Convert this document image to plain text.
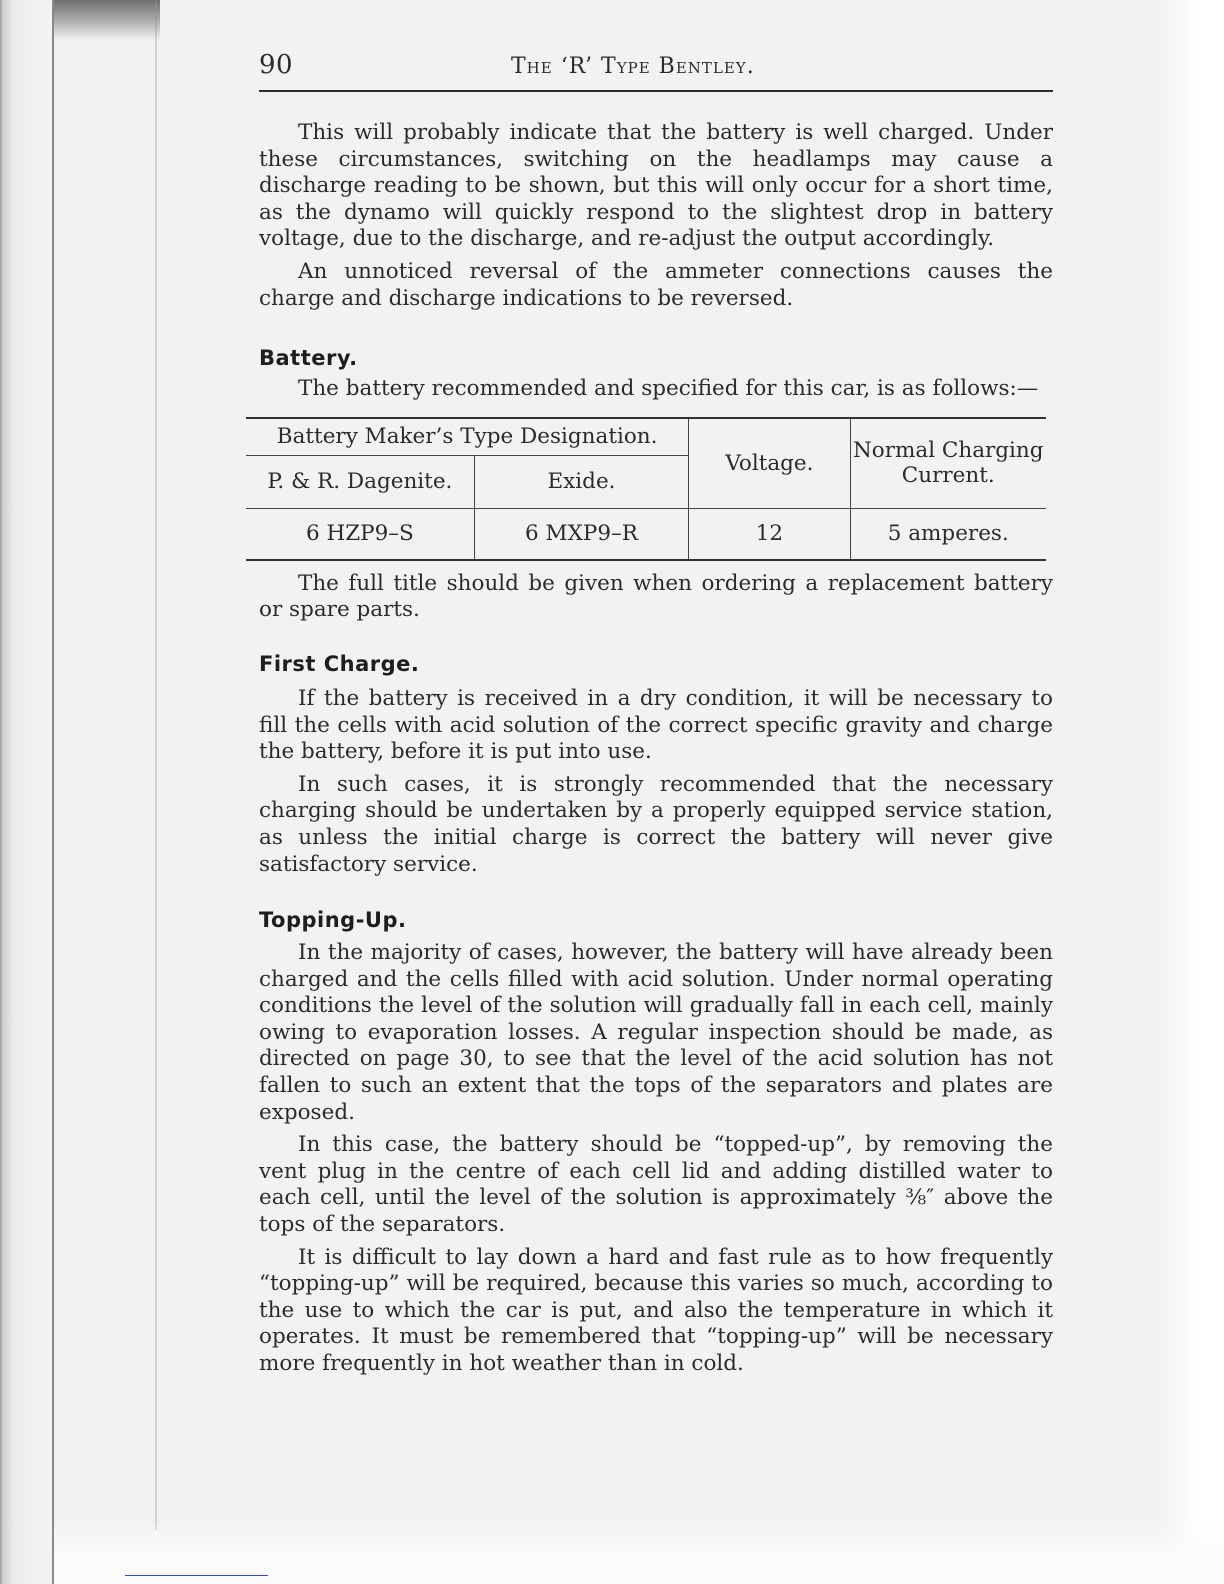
90	The ‘R’ Type Bentley.

This will probably indicate that the battery is well charged. Under these circumstances, switching on the headlamps may cause a discharge reading to be shown, but this will only occur for a short time, as the dynamo will quickly respond to the slightest drop in battery voltage, due to the discharge, and re-adjust the output accordingly.

An unnoticed reversal of the ammeter connections causes the charge and discharge indications to be reversed.

Battery.

The battery recommended and specified for this car, is as follows:—

Battery Maker’s Type Designation.		Voltage.	Normal Charging Current.
P. & R. Dagenite.	Exide.		
6 HZP9–S	6 MXP9–R	12	5 amperes.

The full title should be given when ordering a replacement battery or spare parts.

First Charge.

If the battery is received in a dry condition, it will be necessary to fill the cells with acid solution of the correct specific gravity and charge the battery, before it is put into use.

In such cases, it is strongly recommended that the necessary charging should be undertaken by a properly equipped service station, as unless the initial charge is correct the battery will never give satisfactory service.

Topping-Up.

In the majority of cases, however, the battery will have already been charged and the cells filled with acid solution. Under normal operating conditions the level of the solution will gradually fall in each cell, mainly owing to evaporation losses. A regular inspection should be made, as directed on page 30, to see that the level of the acid solution has not fallen to such an extent that the tops of the separators and plates are exposed.

In this case, the battery should be “topped-up”, by removing the vent plug in the centre of each cell lid and adding distilled water to each cell, until the level of the solution is approximately ⅜″ above the tops of the separators.

It is difficult to lay down a hard and fast rule as to how frequently “topping-up” will be required, because this varies so much, according to the use to which the car is put, and also the temperature in which it operates. It must be remembered that “topping-up” will be necessary more frequently in hot weather than in cold.
